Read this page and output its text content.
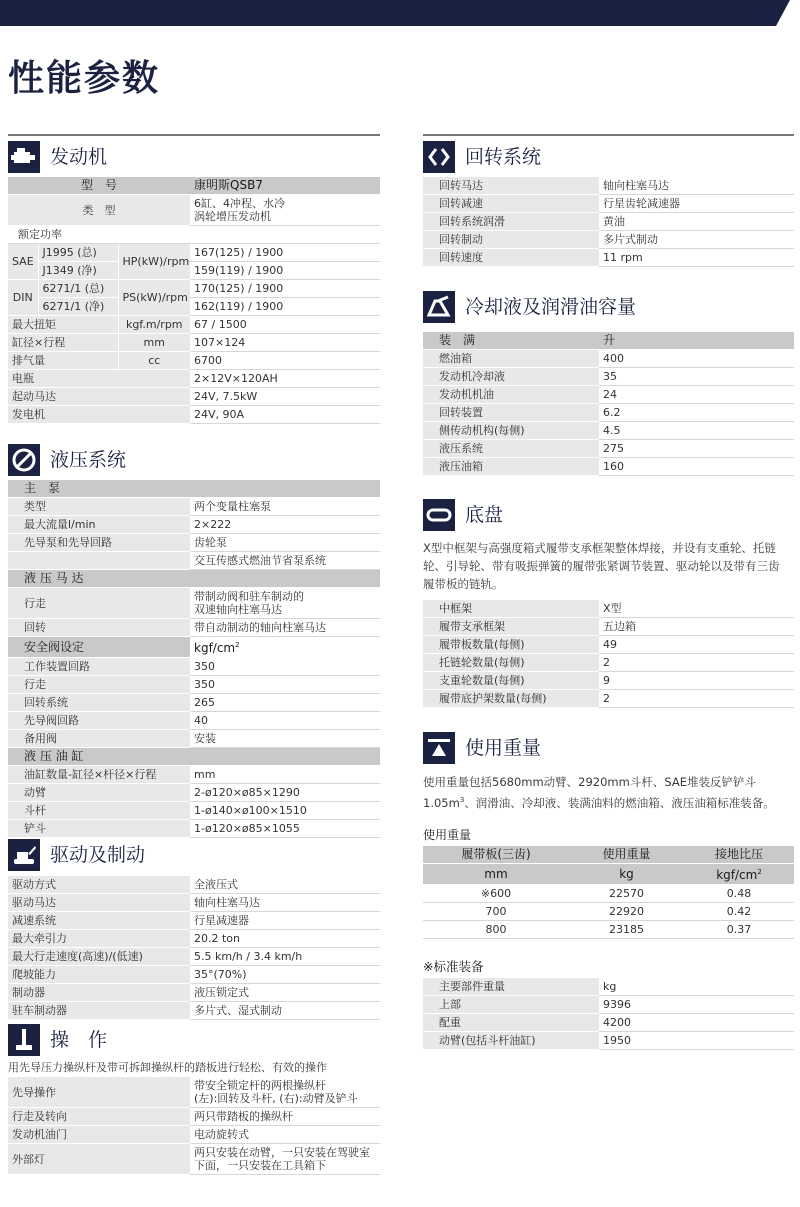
性能参数
发动机
型　号			康明斯QSB7
类　型			6缸、4冲程、水冷
涡轮增压发动机

额定功率			
SAE	J1995 (总)	HP(kW)/rpm	167(125) / 1900
	J1349 (净)		159(119) / 1900
DIN	6271/1 (总)	PS(kW)/rpm	170(125) / 1900
	6271/1 (净)		162(119) / 1900
最大扭矩		kgf.m/rpm	67 / 1500
缸径×行程		mm	107×124
排气量		cc	6700
电瓶			2×12V×120AH
起动马达			24V, 7.5kW
发电机			24V, 90A
液压系统
主　泵	
类型	两个变量柱塞泵
最大流量l/min	2×222
先导泵和先导回路	齿轮泵
	交互传感式燃油节省泵系统
液 压 马 达	
行走	带制动阀和驻车制动的
双速轴向柱塞马达

回转	带自动制动的轴向柱塞马达
安全阀设定	kgf/$cm^2$
工作装置回路	350
行走	350
回转系统	265
先导阀回路	40
备用阀	安装
液 压 油 缸	
油缸数量-缸径×杆径×行程	mm
动臂	2-ø120×ø85×1290
斗杆	1-ø140×ø100×1510
铲斗	1-ø120×ø85×1055
驱动及制动
驱动方式	全液压式
驱动马达	轴向柱塞马达
减速系统	行星减速器
最大牵引力	20.2 ton
最大行走速度(高速)/(低速)	5.5 km/h / 3.4 km/h
爬坡能力	35°(70%)
制动器	液压锁定式
驻车制动器	多片式、湿式制动
操　作
用先导压力操纵杆及带可拆卸操纵杆的踏板进行轻松、有效的操作
先导操作	带安全锁定杆的两根操纵杆
(左):回转及斗杆, (右):动臂及铲斗

行走及转向	两只带踏板的操纵杆
发动机油门	电动旋转式
外部灯	两只安装在动臂，一只安装在驾驶室
下面，一只安装在工具箱下
回转系统
回转马达	轴向柱塞马达
回转减速	行星齿轮减速器
回转系统润滑	黄油
回转制动	多片式制动
回转速度	11 rpm
冷却液及润滑油容量
装　满	升
燃油箱	400
发动机冷却液	35
发动机机油	24
回转装置	6.2
侧传动机构(每侧)	4.5
液压系统	275
液压油箱	160
底盘
X型中框架与高强度箱式履带支承框架整体焊接，并设有支重轮、托链轮、引导轮、带有吸振弹簧的履带张紧调节装置、驱动轮以及带有三齿履带板的链轨。
中框架	X型
履带支承框架	五边箱
履带板数量(每侧)	49
托链轮数量(每侧)	2
支重轮数量(每侧)	9
履带底护架数量(每侧)	2
使用重量
使用重量包括5680mm动臂、2920mm斗杆、SAE堆装反铲铲斗
$1.05m^3$、润滑油、冷却液、装满油料的燃油箱、液压油箱标准装备。
使用重量
履带板(三齿)	使用重量	接地比压
mm	kg	kgf/$cm^2$
※600	22570	0.48
700	22920	0.42
800	23185	0.37
※标准装备
主要部件重量	kg
上部	9396
配重	4200
动臂(包括斗杆油缸)	1950
